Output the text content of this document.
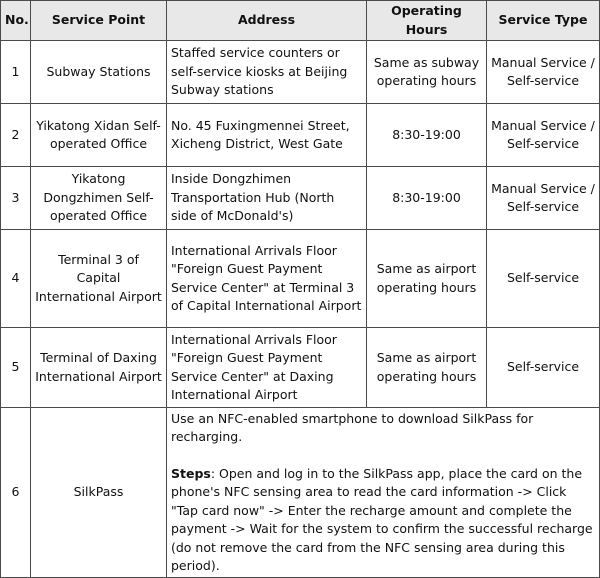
No.	Service Point	Address	Operating Hours	Service Type
1	Subway Stations	Staffed service counters or self-service kiosks at Beijing Subway stations	Same as subway operating hours	Manual Service / Self-service
2	Yikatong Xidan Self-operated Office	No. 45 Fuxingmennei Street, Xicheng District, West Gate	8:30-19:00	Manual Service / Self-service
3	Yikatong Dongzhimen Self-operated Office	Inside Dongzhimen Transportation Hub (North side of McDonald's)	8:30-19:00	Manual Service / Self-service
4	Terminal 3 of Capital International Airport	International Arrivals Floor "Foreign Guest Payment Service Center" at Terminal 3 of Capital International Airport	Same as airport operating hours	Self-service
5	Terminal of Daxing International Airport	International Arrivals Floor "Foreign Guest Payment Service Center" at Daxing International Airport	Same as airport operating hours	Self-service
6	SilkPass	Use an NFC-enabled smartphone to download SilkPass for recharging.
Steps: Open and log in to the SilkPass app, place the card on the phone's NFC sensing area to read the card information -> Click "Tap card now" -> Enter the recharge amount and complete the payment -> Wait for the system to confirm the successful recharge (do not remove the card from the NFC sensing area during this period).		
